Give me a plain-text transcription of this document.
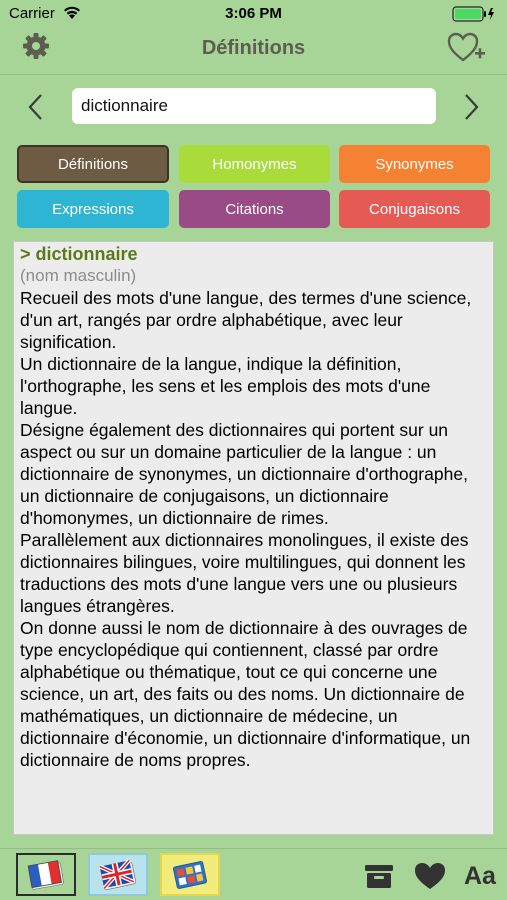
Carrier	3:06 PM
Définitions
dictionnaire
Définitions	Homonymes	Synonymes
Expressions	Citations	Conjugaisons
> dictionnaire
(nom masculin)
Recueil des mots d'une langue, des termes d'une science, d'un art, rangés par ordre alphabétique, avec leur signification.
Un dictionnaire de la langue, indique la définition, l'orthographe, les sens et les emplois des mots d'une langue.
Désigne également des dictionnaires qui portent sur un aspect ou sur un domaine particulier de la langue : un dictionnaire de synonymes, un dictionnaire d'orthographe, un dictionnaire de conjugaisons, un dictionnaire d'homonymes, un dictionnaire de rimes.
Parallèlement aux dictionnaires monolingues, il existe des dictionnaires bilingues, voire multilingues, qui donnent les traductions des mots d'une langue vers une ou plusieurs langues étrangères.
On donne aussi le nom de dictionnaire à des ouvrages de type encyclopédique qui contiennent, classé par ordre alphabétique ou thématique, tout ce qui concerne une science, un art, des faits ou des noms. Un dictionnaire de mathématiques, un dictionnaire de médecine, un dictionnaire d'économie, un dictionnaire d'informatique, un dictionnaire de noms propres.
Aa
